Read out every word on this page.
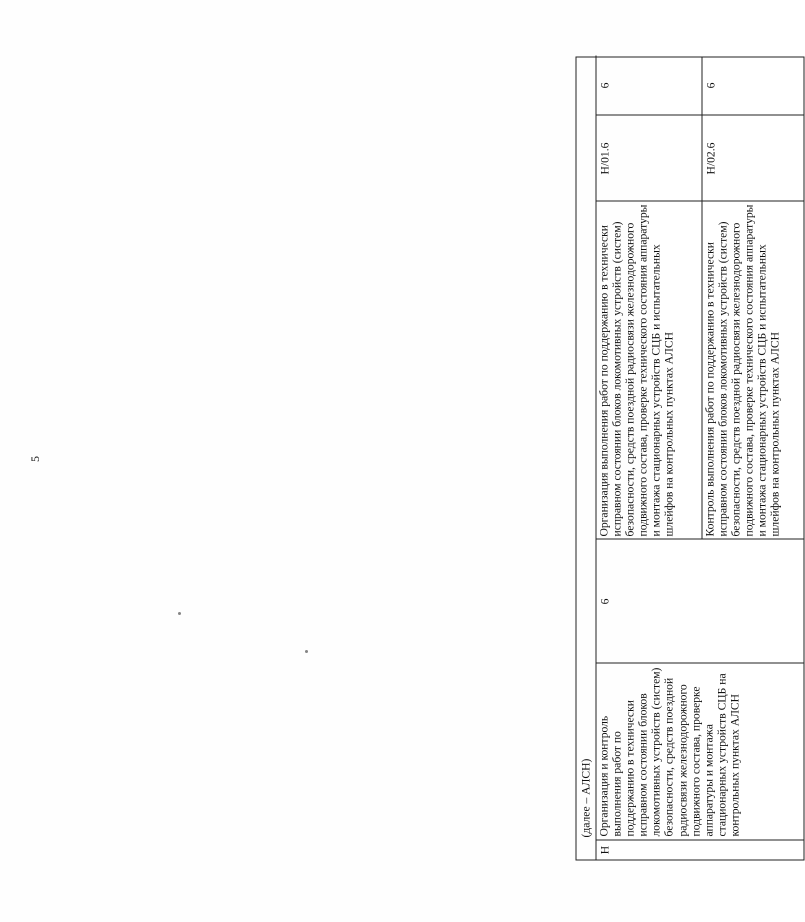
5
(далее – АЛСН)
Н
Организация и контроль выполнения работ по поддержанию в технически исправном состоянии блоков локомотивных устройств (систем) безопасности, средств поездной радиосвязи железнодорожного подвижного состава, проверке аппаратуры и монтажа стационарных устройств СЦБ на контрольных пунктах АЛСН
6
Организация выполнения работ по поддержанию в технически исправном состоянии блоков локомотивных устройств (систем) безопасности, средств поездной радиосвязи железнодорожного подвижного состава, проверке технического состояния аппаратуры и монтажа стационарных устройств СЦБ и испытательных шлейфов на контрольных пунктах АЛСН
Н/01.6
6
Контроль выполнения работ по поддержанию в технически исправном состоянии блоков локомотивных устройств (систем) безопасности, средств поездной радиосвязи железнодорожного подвижного состава, проверке технического состояния аппаратуры и монтажа стационарных устройств СЦБ и испытательных шлейфов на контрольных пунктах АЛСН
Н/02.6
6
